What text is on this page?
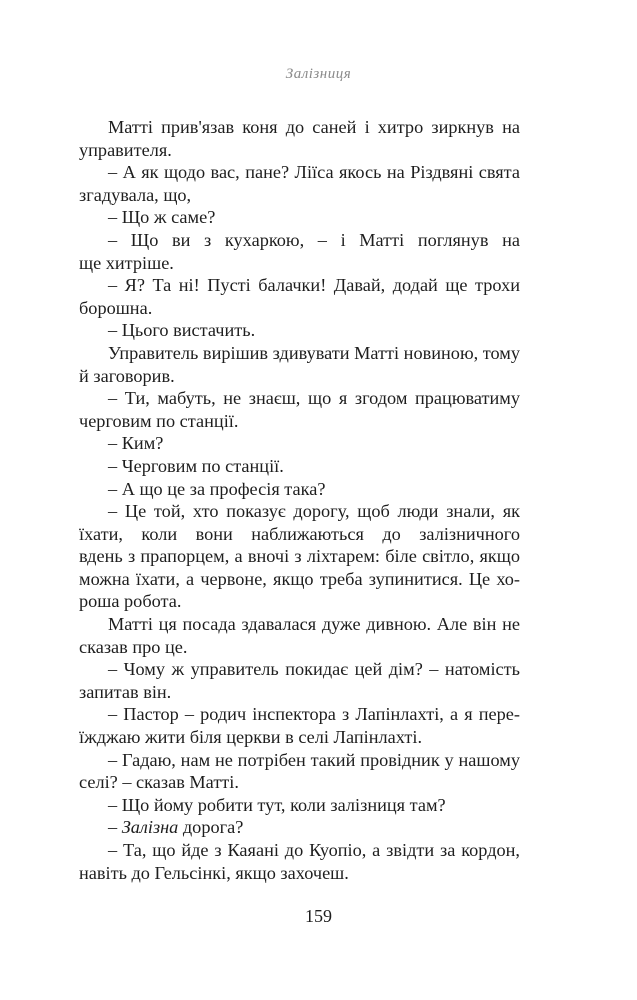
Залізниця
Матті прив'язав коня до саней і хитро зиркнув на
управителя.
– А як щодо вас, пане? Ліїса якось на Різдвяні свята
згадувала, що,
– Що ж саме?
– Що ви з кухаркою, – і Матті поглянув на
ще хитріше.
– Я? Та ні! Пусті балачки! Давай, додай ще трохи
борошна.
– Цього вистачить.
Управитель вирішив здивувати Матті новиною, тому
й заговорив.
– Ти, мабуть, не знаєш, що я згодом працюватиму
черговим по станції.
– Ким?
– Черговим по станції.
– А що це за професія така?
– Це той, хто показує дорогу, щоб люди знали, як
їхати, коли вони наближаються до залізничного
вдень з прапорцем, а вночі з ліхтарем: біле світло, якщо
можна їхати, а червоне, якщо треба зупинитися. Це хо-
роша робота.
Матті ця посада здавалася дуже дивною. Але він не
сказав про це.
– Чому ж управитель покидає цей дім? – натомість
запитав він.
– Пастор – родич інспектора з Лапінлахті, а я пере-
їжджаю жити біля церкви в селі Лапінлахті.
– Гадаю, нам не потрібен такий провідник у нашому
селі? – сказав Матті.
– Що йому робити тут, коли залізниця там?
– Залізна дорога?
– Та, що йде з Каяані до Куопіо, а звідти за кордон,
навіть до Гельсінкі, якщо захочеш.
159
